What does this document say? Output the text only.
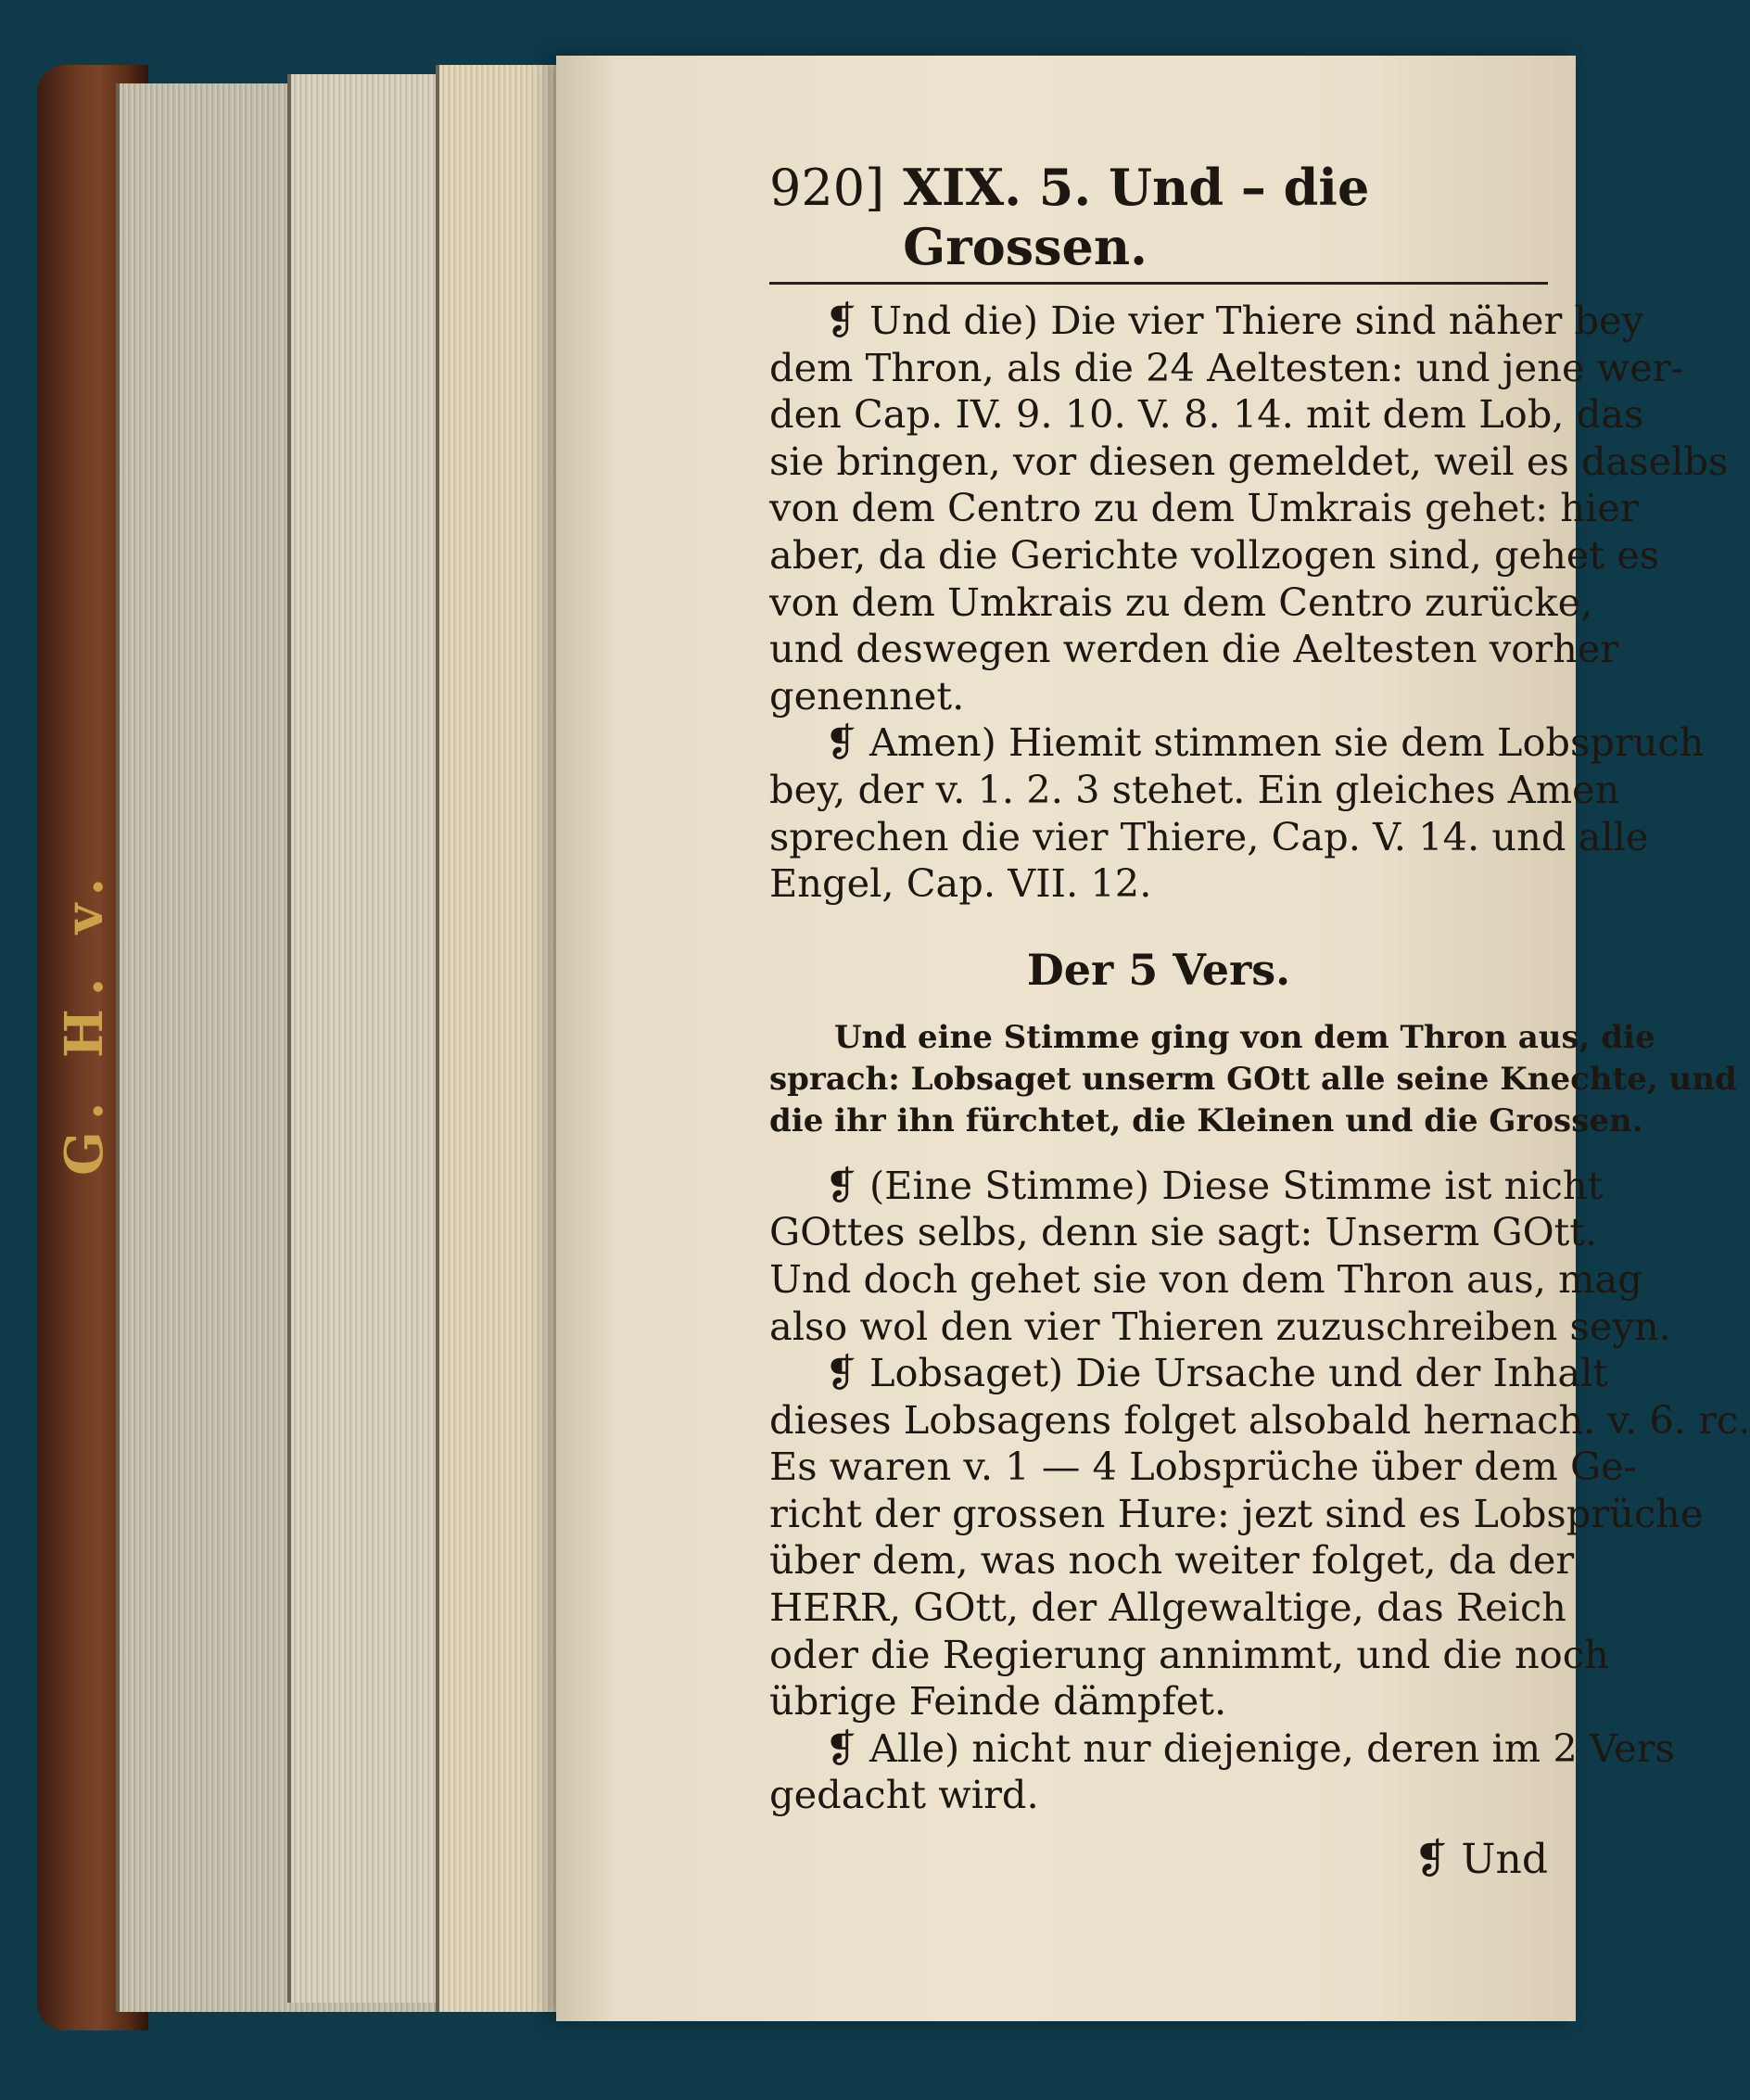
G. H. v.
920] XIX. 5. Und – die Grossen.
❡ Und die) Die vier Thiere sind näher bey
dem Thron, als die 24 Aeltesten: und jene wer-
den Cap. IV. 9. 10. V. 8. 14. mit dem Lob, das
sie bringen, vor diesen gemeldet, weil es daselbs
von dem Centro zu dem Umkrais gehet: hier
aber, da die Gerichte vollzogen sind, gehet es
von dem Umkrais zu dem Centro zurücke,
und deswegen werden die Aeltesten vorher
genennet.
❡ Amen) Hiemit stimmen sie dem Lobspruch
bey, der v. 1. 2. 3 stehet. Ein gleiches Amen
sprechen die vier Thiere, Cap. V. 14. und alle
Engel, Cap. VII. 12.
Der 5 Vers.
Und eine Stimme ging von dem Thron aus, die
sprach: Lobsaget unserm GOtt alle seine Knechte, und
die ihr ihn fürchtet, die Kleinen und die Grossen.
❡ (Eine Stimme) Diese Stimme ist nicht
GOttes selbs, denn sie sagt: Unserm GOtt.
Und doch gehet sie von dem Thron aus, mag
also wol den vier Thieren zuzuschreiben seyn.
❡ Lobsaget) Die Ursache und der Inhalt
dieses Lobsagens folget alsobald hernach. v. 6. rc.
Es waren v. 1 — 4 Lobsprüche über dem Ge-
richt der grossen Hure: jezt sind es Lobsprüche
über dem, was noch weiter folget, da der
HERR, GOtt, der Allgewaltige, das Reich
oder die Regierung annimmt, und die noch
übrige Feinde dämpfet.
❡ Alle) nicht nur diejenige, deren im 2 Vers
gedacht wird.
❡ Und
